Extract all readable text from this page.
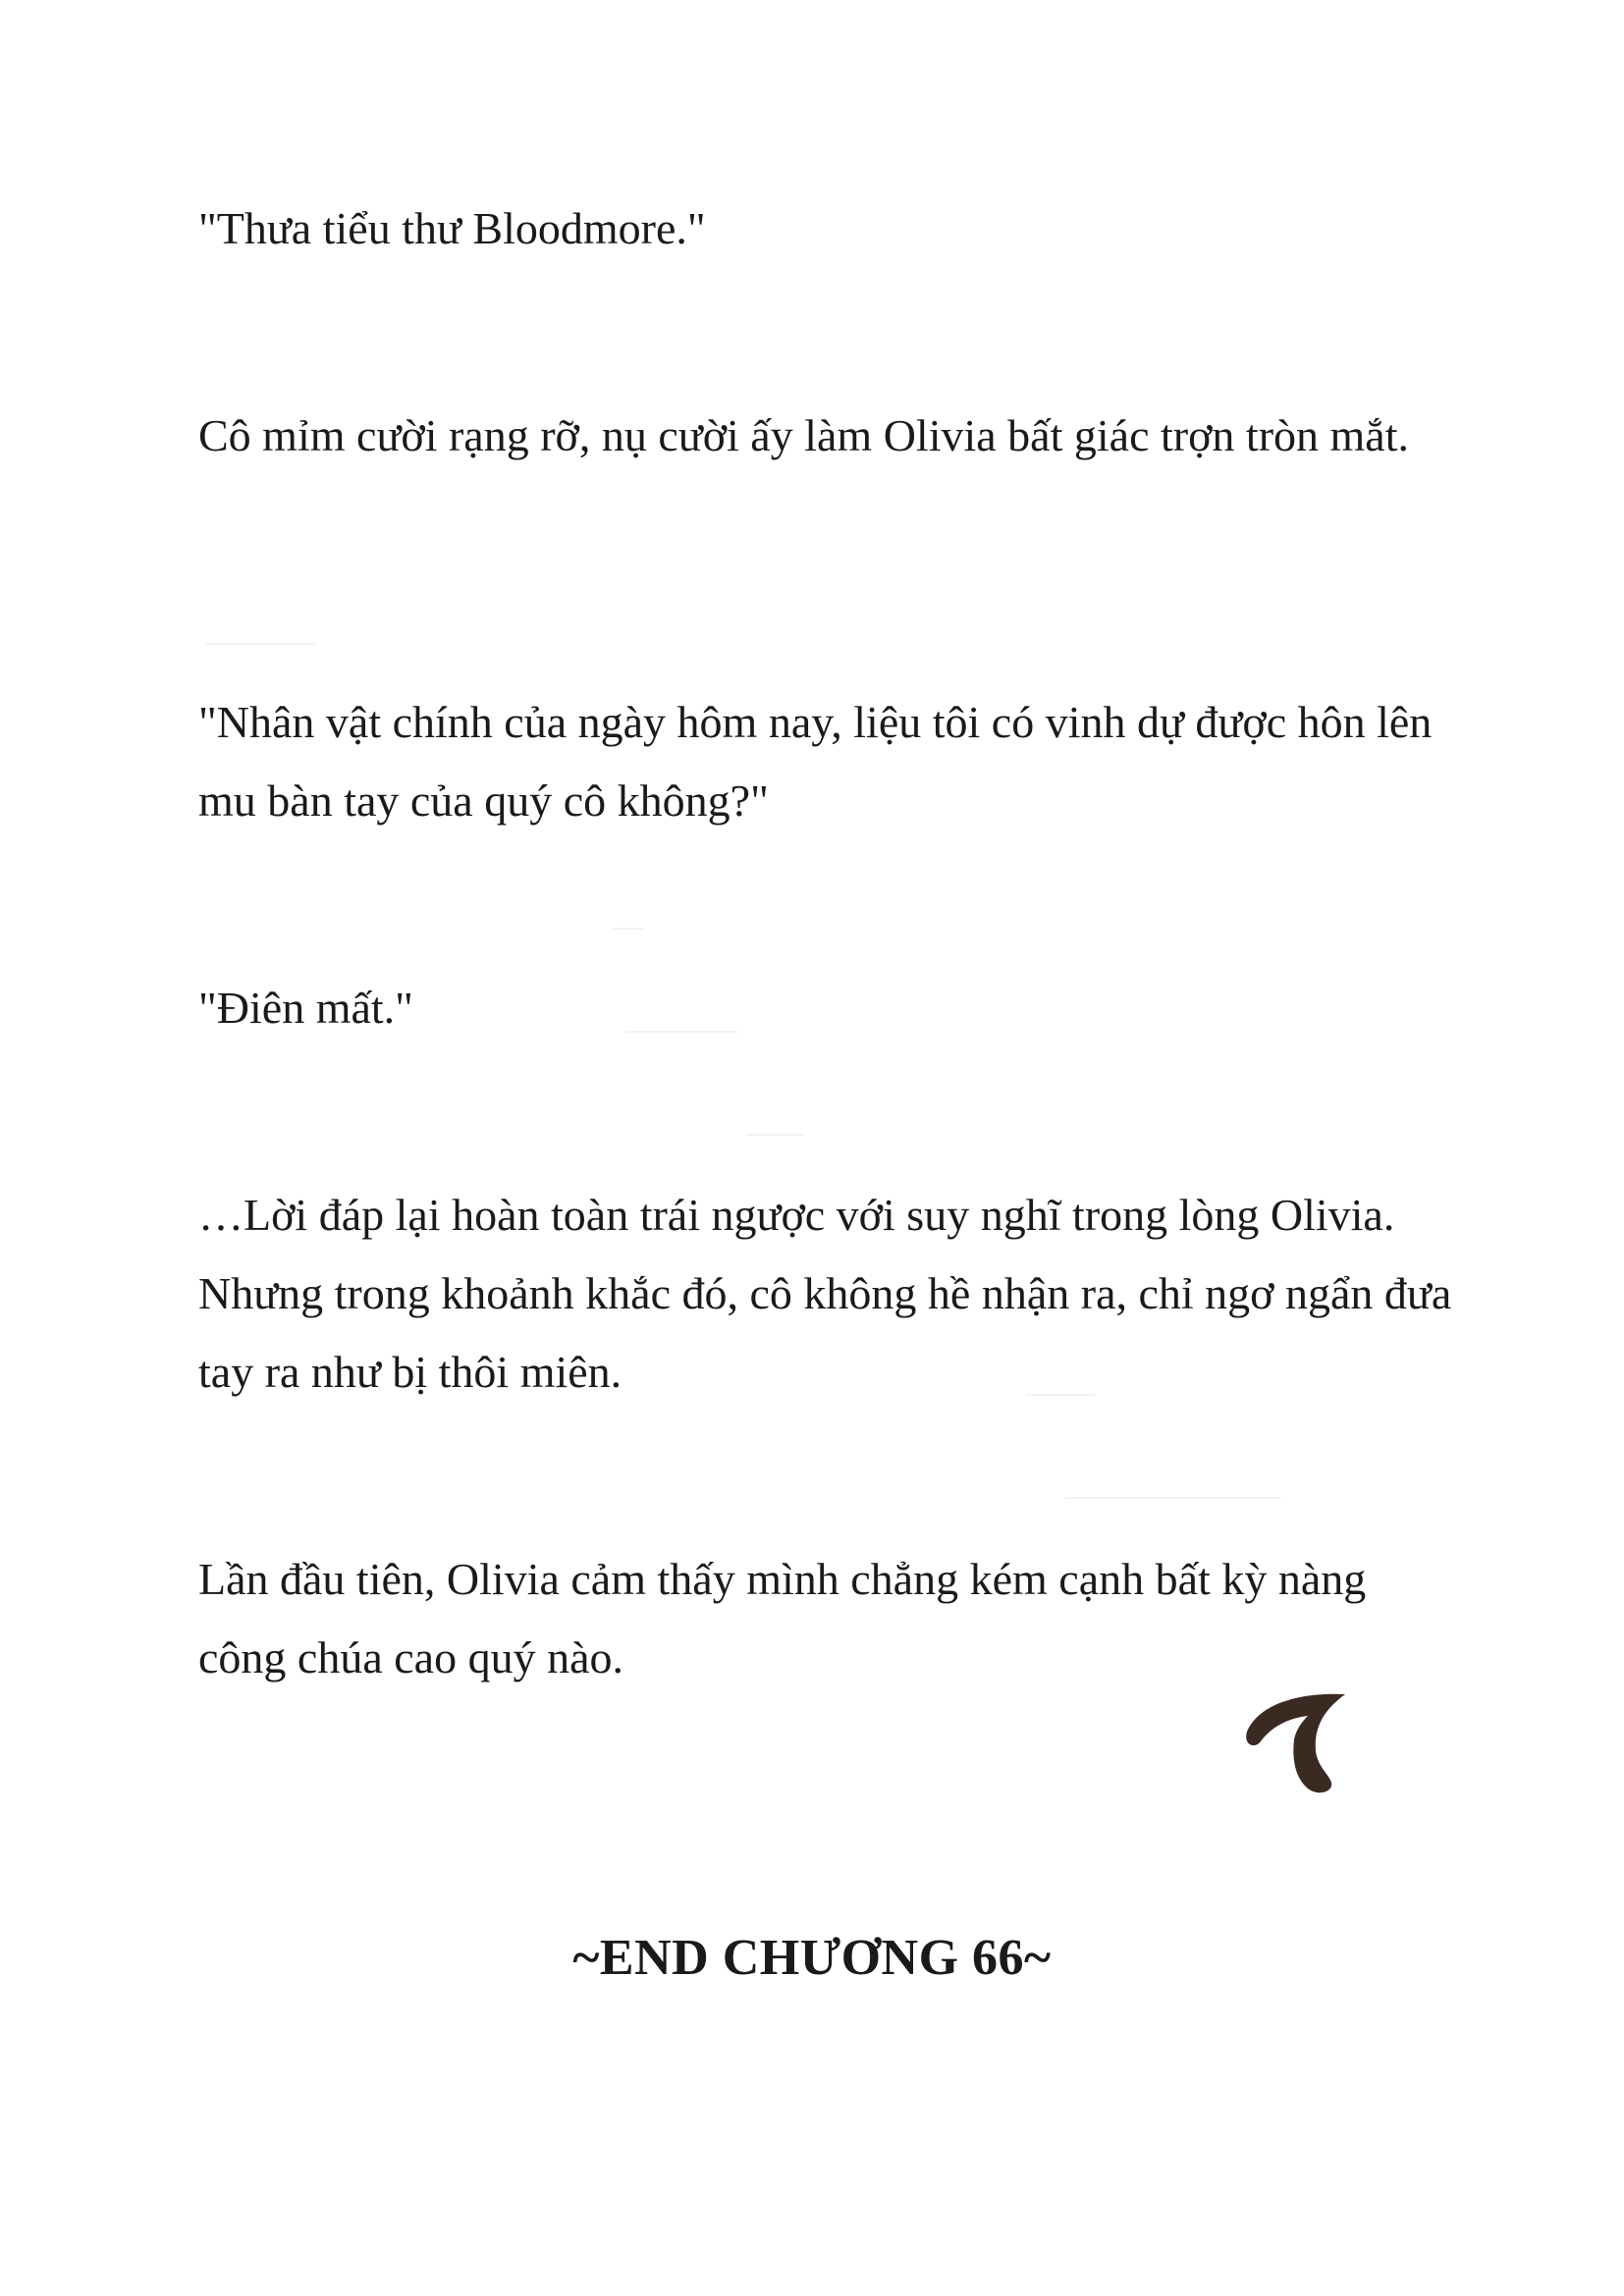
"Thưa tiểu thư Bloodmore."

Cô mỉm cười rạng rỡ, nụ cười ấy làm Olivia bất giác trợn tròn mắt.

"Nhân vật chính của ngày hôm nay, liệu tôi có vinh dự được hôn lên mu bàn tay của quý cô không?"

"Điên mất."

…Lời đáp lại hoàn toàn trái ngược với suy nghĩ trong lòng Olivia. Nhưng trong khoảnh khắc đó, cô không hề nhận ra, chỉ ngơ ngẩn đưa tay ra như bị thôi miên.

Lần đầu tiên, Olivia cảm thấy mình chẳng kém cạnh bất kỳ nàng công chúa cao quý nào.

~END CHƯƠNG 66~
